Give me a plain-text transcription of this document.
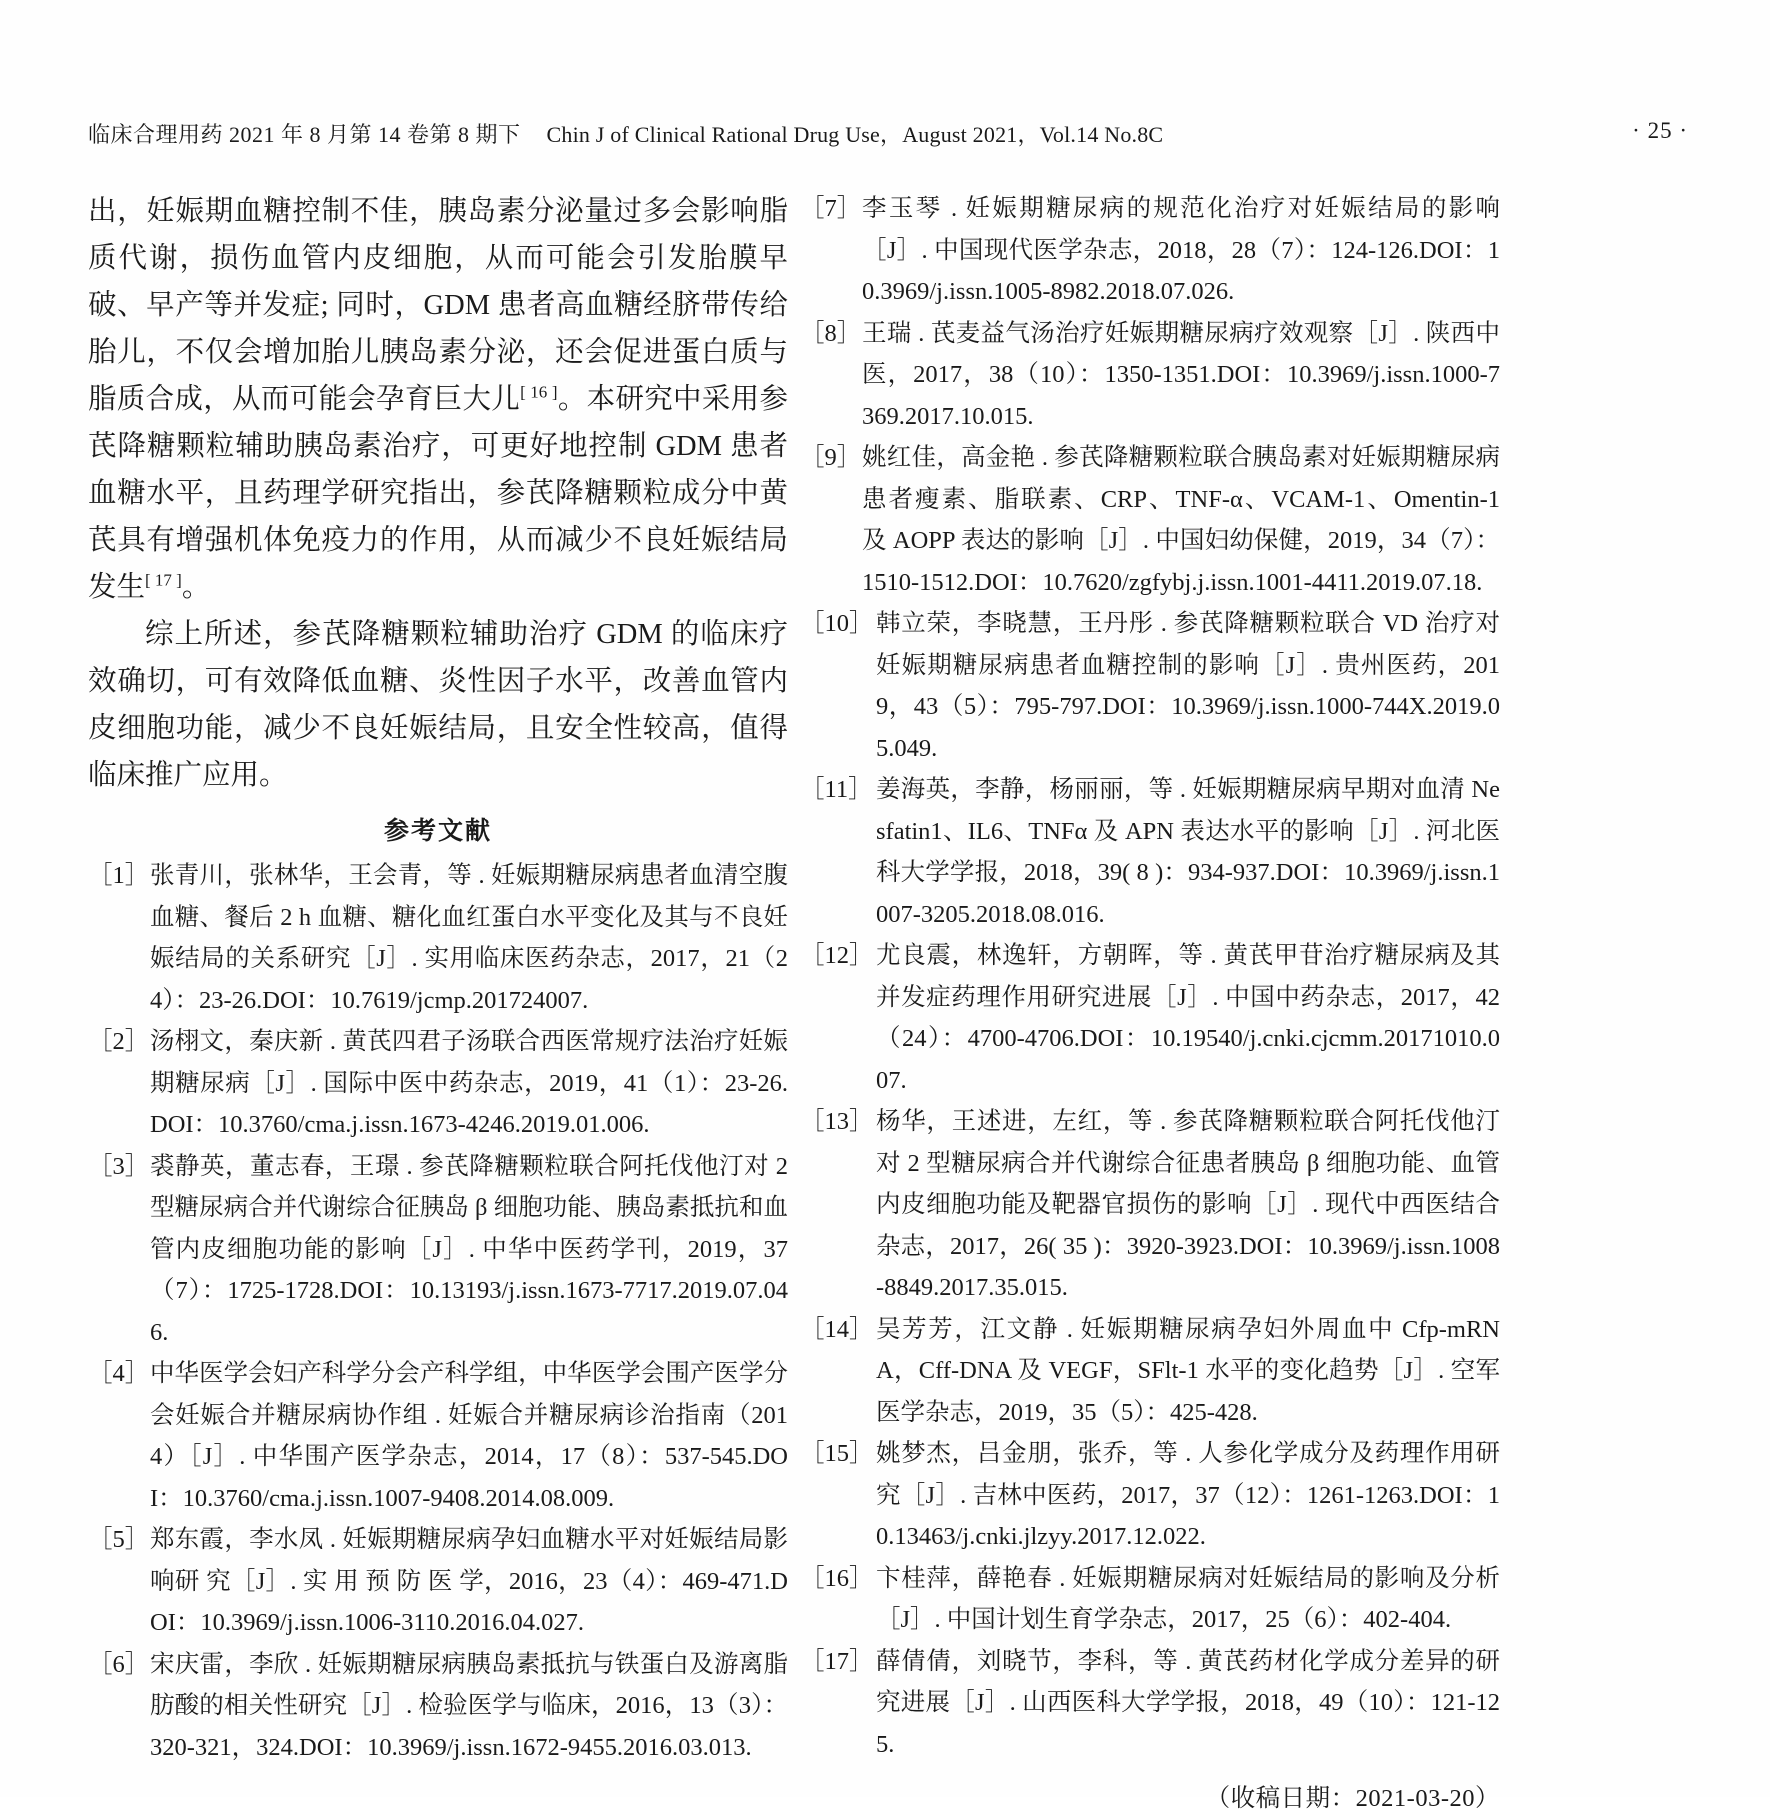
临床合理用药 2021 年 8 月第 14 卷第 8 期下 Chin J of Clinical Rational Drug Use，August 2021，Vol.14 No.8C	· 25 ·

出，妊娠期血糖控制不佳，胰岛素分泌量过多会影响脂质代谢，损伤血管内皮细胞，从而可能会引发胎膜早破、早产等并发症; 同时，GDM 患者高血糖经脐带传给胎儿，不仅会增加胎儿胰岛素分泌，还会促进蛋白质与脂质合成，从而可能会孕育巨大儿[ 16 ]。本研究中采用参芪降糖颗粒辅助胰岛素治疗，可更好地控制 GDM 患者血糖水平，且药理学研究指出，参芪降糖颗粒成分中黄芪具有增强机体免疫力的作用，从而减少不良妊娠结局发生[ 17 ]。

综上所述，参芪降糖颗粒辅助治疗 GDM 的临床疗效确切，可有效降低血糖、炎性因子水平，改善血管内皮细胞功能，减少不良妊娠结局，且安全性较高，值得临床推广应用。

参考文献
［1］ 张青川，张林华，王会青，等 . 妊娠期糖尿病患者血清空腹血糖、餐后 2 h 血糖、糖化血红蛋白水平变化及其与不良妊娠结局的关系研究［J］. 实用临床医药杂志，2017，21（24）：23-26.DOI：10.7619/jcmp.201724007.
［2］ 汤栩文，秦庆新 . 黄芪四君子汤联合西医常规疗法治疗妊娠期糖尿病［J］. 国际中医中药杂志，2019，41（1）：23-26.DOI：10.3760/cma.j.issn.1673-4246.2019.01.006.
［3］ 裘静英，董志春，王璟 . 参芪降糖颗粒联合阿托伐他汀对 2 型糖尿病合并代谢综合征胰岛 β 细胞功能、胰岛素抵抗和血管内皮细胞功能的影响［J］. 中华中医药学刊，2019，37（7）：1725-1728.DOI：10.13193/j.issn.1673-7717.2019.07.046.
［4］ 中华医学会妇产科学分会产科学组，中华医学会围产医学分会妊娠合并糖尿病协作组 . 妊娠合并糖尿病诊治指南（2014）［J］. 中华围产医学杂志，2014，17（8）：537-545.DOI：10.3760/cma.j.issn.1007-9408.2014.08.009.
［5］ 郑东霞，李水凤 . 妊娠期糖尿病孕妇血糖水平对妊娠结局影响研 究［J］. 实 用 预 防 医 学，2016，23（4）：469-471.DOI：10.3969/j.issn.1006-3110.2016.04.027.
［6］ 宋庆雷，李欣 . 妊娠期糖尿病胰岛素抵抗与铁蛋白及游离脂肪酸的相关性研究［J］. 检验医学与临床，2016，13（3）：320-321，324.DOI：10.3969/j.issn.1672-9455.2016.03.013.
［7］ 李玉琴 . 妊娠期糖尿病的规范化治疗对妊娠结局的影响［J］. 中国现代医学杂志，2018，28（7）：124-126.DOI：10.3969/j.issn.1005-8982.2018.07.026.
［8］ 王瑞 . 芪麦益气汤治疗妊娠期糖尿病疗效观察［J］. 陕西中医，2017，38（10）：1350-1351.DOI：10.3969/j.issn.1000-7369.2017.10.015.
［9］ 姚红佳，高金艳 . 参芪降糖颗粒联合胰岛素对妊娠期糖尿病患者瘦素、脂联素、CRP、TNF-α、VCAM-1、Omentin-1 及 AOPP 表达的影响［J］. 中国妇幼保健，2019，34（7）：1510-1512.DOI：10.7620/zgfybj.j.issn.1001-4411.2019.07.18.
［10］ 韩立荣，李晓慧，王丹彤 . 参芪降糖颗粒联合 VD 治疗对妊娠期糖尿病患者血糖控制的影响［J］. 贵州医药，2019，43（5）：795-797.DOI：10.3969/j.issn.1000-744X.2019.05.049.
［11］ 姜海英，李静，杨丽丽，等 . 妊娠期糖尿病早期对血清 Nesfatin1、IL6、TNFα 及 APN 表达水平的影响［J］. 河北医科大学学报，2018，39( 8 )：934-937.DOI：10.3969/j.issn.1007-3205.2018.08.016.
［12］ 尤良震，林逸轩，方朝晖，等 . 黄芪甲苷治疗糖尿病及其并发症药理作用研究进展［J］. 中国中药杂志，2017，42（24）：4700-4706.DOI：10.19540/j.cnki.cjcmm.20171010.007.
［13］ 杨华，王述进，左红，等 . 参芪降糖颗粒联合阿托伐他汀对 2 型糖尿病合并代谢综合征患者胰岛 β 细胞功能、血管内皮细胞功能及靶器官损伤的影响［J］. 现代中西医结合杂志，2017，26( 35 )：3920-3923.DOI：10.3969/j.issn.1008-8849.2017.35.015.
［14］ 吴芳芳，江文静 . 妊娠期糖尿病孕妇外周血中 Cfp-mRNA，Cff-DNA 及 VEGF，SFlt-1 水平的变化趋势［J］. 空军医学杂志，2019，35（5）：425-428.
［15］ 姚梦杰，吕金朋，张乔，等 . 人参化学成分及药理作用研究［J］. 吉林中医药，2017，37（12）：1261-1263.DOI：10.13463/j.cnki.jlzyy.2017.12.022.
［16］ 卞桂萍，薛艳春 . 妊娠期糖尿病对妊娠结局的影响及分析［J］. 中国计划生育学杂志，2017，25（6）：402-404.
［17］ 薛倩倩，刘晓节，李科，等 . 黄芪药材化学成分差异的研究进展［J］. 山西医科大学学报，2018，49（10）：121-125.
（收稿日期：2021-03-20）
